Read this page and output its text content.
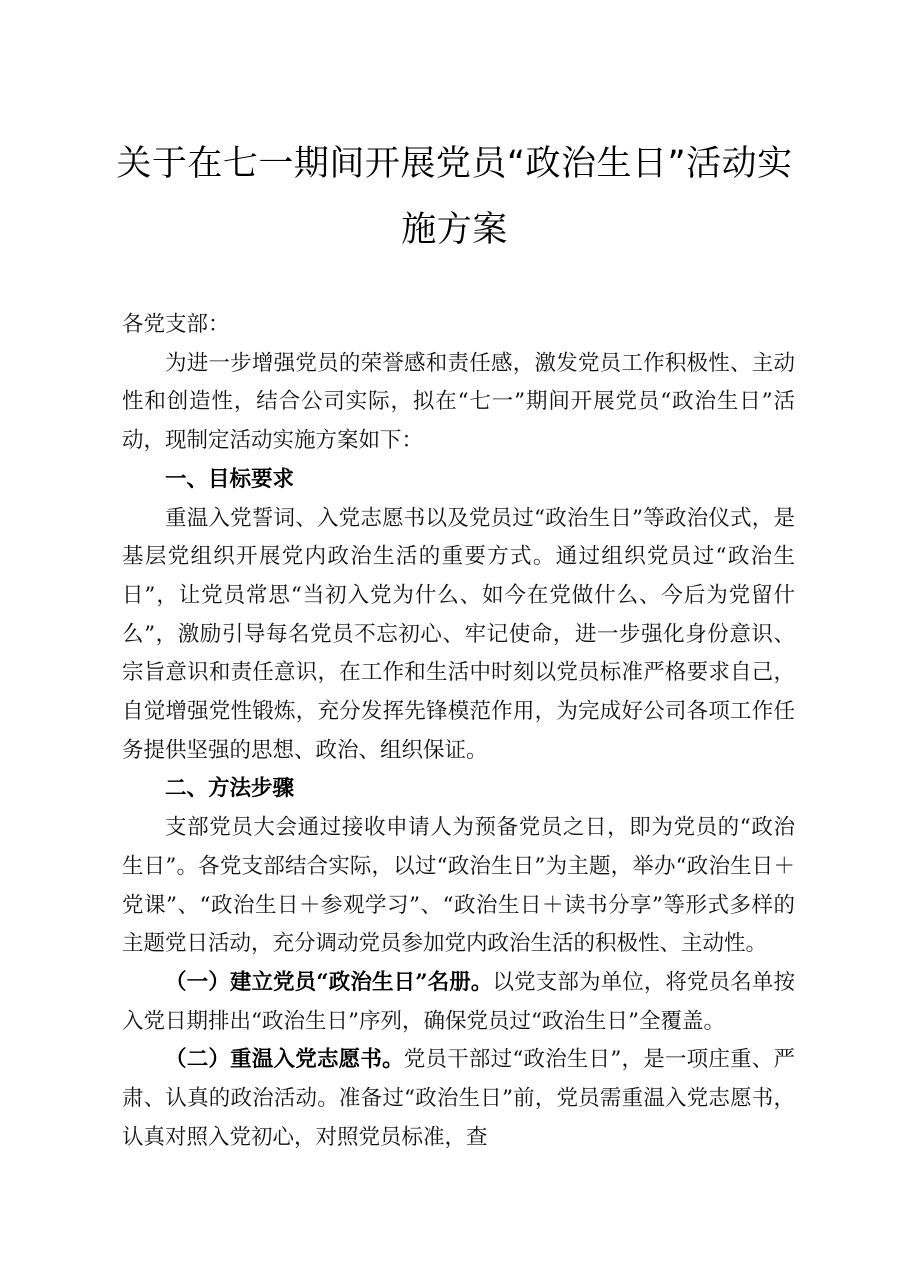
关于在七一期间开展党员“政治生日”活动实

施方案

各党支部：

为进一步增强党员的荣誉感和责任感，激发党员工作积极性、主动性和创造性，结合公司实际，拟在“七一”期间开展党员“政治生日”活动，现制定活动实施方案如下：

一、目标要求

重温入党誓词、入党志愿书以及党员过“政治生日”等政治仪式，是基层党组织开展党内政治生活的重要方式。通过组织党员过“政治生日”，让党员常思“当初入党为什么、如今在党做什么、今后为党留什么”，激励引导每名党员不忘初心、牢记使命，进一步强化身份意识、宗旨意识和责任意识，在工作和生活中时刻以党员标准严格要求自己，自觉增强党性锻炼，充分发挥先锋模范作用，为完成好公司各项工作任务提供坚强的思想、政治、组织保证。

二、方法步骤

支部党员大会通过接收申请人为预备党员之日，即为党员的“政治生日”。各党支部结合实际，以过“政治生日”为主题，举办“政治生日＋党课”、“政治生日＋参观学习”、“政治生日＋读书分享”等形式多样的主题党日活动，充分调动党员参加党内政治生活的积极性、主动性。

（一）建立党员“政治生日”名册。以党支部为单位，将党员名单按入党日期排出“政治生日”序列，确保党员过“政治生日”全覆盖。

（二）重温入党志愿书。党员干部过“政治生日”，是一项庄重、严肃、认真的政治活动。准备过“政治生日”前，党员需重温入党志愿书，认真对照入党初心，对照党员标准，查
